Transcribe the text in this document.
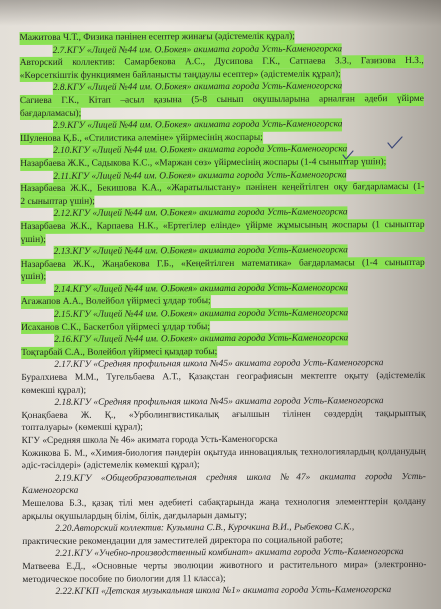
Мажитова Ч.Т., Физика пәнінен есептер жинағы (әдістемелік құрал);
2.7.КГУ «Лицей №44 им. О.Бокея» акимата города Усть-Каменогорска
Авторский коллектив: Самарбекова А.С., Дусипова Г.К., Сатпаева З.З., Газизова Н.З.,
«Көрсеткіштік функциямен байланысты таңдаулы есептер» (әдістемелік құрал);
2.8.КГУ «Лицей №44 им. О.Бокея» акимата города Усть-Каменогорска
Сагиева Г.К., Кітап –асыл қазына (5-8 сынып оқушыларына арналған әдеби үйірме
бағдарламасы);
2.9.КГУ «Лицей №44 им. О.Бокея» акимата города Усть-Каменогорска
Шуленова Қ.Б., «Стилистика әлеміне» үйірмесінің жоспары;
2.10.КГУ «Лицей №44 им. О.Бокея» акимата города Усть-Каменогорска
Назарбаева Ж.К., Садыкова К.С., «Маржан сөз» үйірмесінің жоспары (1-4 сыныптар үшін);
2.11.КГУ «Лицей №44 им. О.Бокея» акимата города Усть-Каменогорска
Назарбаева Ж.К., Бекишова К.А., «Жаратылыстану» пәнінен кеңейтілген оқу бағдарламасы (1-
2 сыныптар үшін);
2.12.КГУ «Лицей №44 им. О.Бокея» акимата города Усть-Каменогорска
Назарбаева Ж.К., Карпаева Н.К., «Ертегілер елінде» үйірме жұмысының жоспары (1 сыныптар
үшін);
2.13.КГУ «Лицей №44 им. О.Бокея» акимата города Усть-Каменогорска
Назарбаева Ж.К., Жаңабекова Г.Б., «Кеңейтілген математика» бағдарламасы (1-4 сыныптар
үшін);
2.14.КГУ «Лицей №44 им. О.Бокея» акимата города Усть-Каменогорска
Агажапов А.А., Волейбол үйірмесі ұлдар тобы;
2.15.КГУ «Лицей №44 им. О.Бокея» акимата города Усть-Каменогорска
Исаханов С.К., Баскетбол үйірмесі ұлдар тобы;
2.16.КГУ «Лицей №44 им. О.Бокея» акимата города Усть-Каменогорска
Тоқтарбай С.А., Волейбол үйірмесі қыздар тобы;
2.17.КГУ «Средняя профильная школа №45» акимата города Усть-Каменогорска
Буралхиева М.М., Тугельбаева А.Т., Қазақстан географиясын мектепте оқыту (әдістемелік
көмекші құрал);
2.18.КГУ «Средняя профильная школа №45» акимата города Усть-Каменогорска
Қонақбаева Ж. Қ., «Урболингвистикалық ағылшын тілінен сөздердің тақырыптық
топталуары» (көмекші құрал);
КГУ «Средняя школа № 46» акимата города Усть-Каменогорска
Кожикова Б. М., «Химия-биология пәндерін оқытуда инновациялық технологиялардың қолданудың
әдіс-тәсілдері» (әдістемелік көмекші құрал);
2.19.КГУ «Общеобразовательная средняя школа №47» акимата города Усть-
Каменогорска
Мешелова Б.З., қазақ тілі мен әдебиеті сабақтарында жаңа технология элементтерін қолдану
арқылы оқушылардың білім, білік, дағдыларын дамыту;
2.20.Авторский коллектив: Кузьмина С.В., Курочкина В.И., Рыбекова С.К.,
практические рекомендации для заместителей директора по социальной работе;
2.21.КГУ «Учебно-производственный комбинат» акимата города Усть-Каменогорска
Матвеева Е.Д., «Основные черты эволюции животного и растительного мира» (электронно-
методическое пособие по биологии для 11 класса);
2.22.КГКП «Детская музыкальная школа №1» акимата города Усть-Каменогорска
